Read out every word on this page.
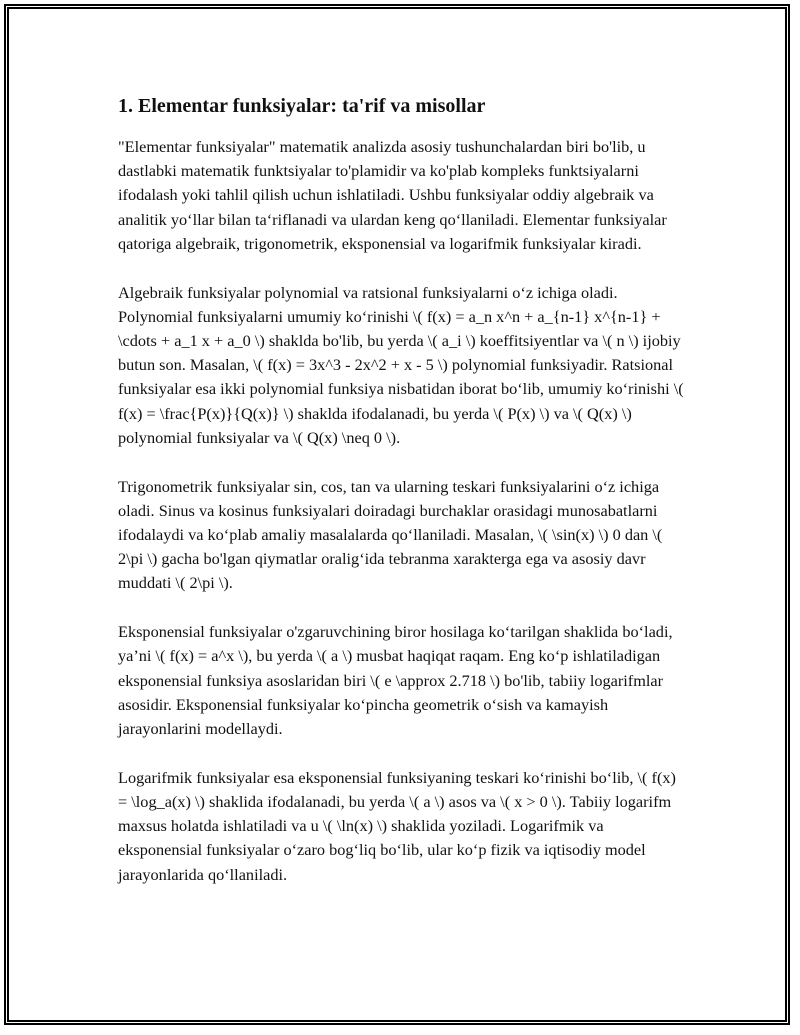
1. Elementar funksiyalar: ta'rif va misollar

"Elementar funksiyalar" matematik analizda asosiy tushunchalardan biri bo'lib, u dastlabki matematik funktsiyalar to'plamidir va ko'plab kompleks funktsiyalarni ifodalash yoki tahlil qilish uchun ishlatiladi. Ushbu funksiyalar oddiy algebraik va analitik yo‘llar bilan ta‘riflanadi va ulardan keng qo‘llaniladi. Elementar funksiyalar qatoriga algebraik, trigonometrik, eksponensial va logarifmik funksiyalar kiradi.

Algebraik funksiyalar polynomial va ratsional funksiyalarni o‘z ichiga oladi. Polynomial funksiyalarni umumiy ko‘rinishi \( f(x) = a_n x^n + a_{n-1} x^{n-1} + \cdots + a_1 x + a_0 \) shaklda bo'lib, bu yerda \( a_i \) koeffitsiyentlar va \( n \) ijobiy butun son. Masalan, \( f(x) = 3x^3 - 2x^2 + x - 5 \) polynomial funksiyadir. Ratsional funksiyalar esa ikki polynomial funksiya nisbatidan iborat bo‘lib, umumiy ko‘rinishi \( f(x) = \frac{P(x)}{Q(x)} \) shaklda ifodalanadi, bu yerda \( P(x) \) va \( Q(x) \) polynomial funksiyalar va \( Q(x) \neq 0 \).

Trigonometrik funksiyalar sin, cos, tan va ularning teskari funksiyalarini o‘z ichiga oladi. Sinus va kosinus funksiyalari doiradagi burchaklar orasidagi munosabatlarni ifodalaydi va ko‘plab amaliy masalalarda qo‘llaniladi. Masalan, \( \sin(x) \) 0 dan \( 2\pi \) gacha bo'lgan qiymatlar oralig‘ida tebranma xarakterga ega va asosiy davr muddati \( 2\pi \).

Eksponensial funksiyalar o'zgaruvchining biror hosilaga ko‘tarilgan shaklida bo‘ladi, ya’ni \( f(x) = a^x \), bu yerda \( a \) musbat haqiqat raqam. Eng ko‘p ishlatiladigan eksponensial funksiya asoslaridan biri \( e \approx 2.718 \) bo'lib, tabiiy logarifmlar asosidir. Eksponensial funksiyalar ko‘pincha geometrik o‘sish va kamayish jarayonlarini modellaydi.

Logarifmik funksiyalar esa eksponensial funksiyaning teskari ko‘rinishi bo‘lib, \( f(x) = \log_a(x) \) shaklida ifodalanadi, bu yerda \( a \) asos va \( x > 0 \). Tabiiy logarifm maxsus holatda ishlatiladi va u \( \ln(x) \) shaklida yoziladi. Logarifmik va eksponensial funksiyalar o‘zaro bog‘liq bo‘lib, ular ko‘p fizik va iqtisodiy model jarayonlarida qo‘llaniladi.
